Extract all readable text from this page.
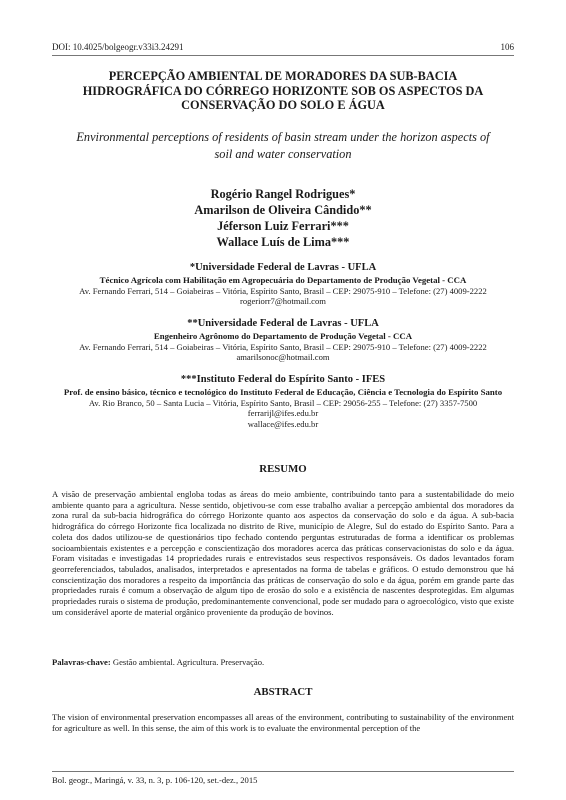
DOI: 10.4025/bolgeogr.v33i3.24291	106
PERCEPÇÃO AMBIENTAL DE MORADORES DA SUB-BACIA
HIDROGRÁFICA DO CÓRREGO HORIZONTE SOB OS ASPECTOS DA
CONSERVAÇÃO DO SOLO E ÁGUA
Environmental perceptions of residents of basin stream under the horizon aspects of
soil and water conservation
Rogério Rangel Rodrigues*
Amarilson de Oliveira Cândido**
Jéferson Luiz Ferrari***
Wallace Luís de Lima***
*Universidade Federal de Lavras - UFLA
Técnico Agrícola com Habilitação em Agropecuária do Departamento de Produção Vegetal - CCA
Av. Fernando Ferrari, 514 – Goiabeiras – Vitória, Espírito Santo, Brasil – CEP: 29075-910 – Telefone: (27) 4009-2222
rogeriorr7@hotmail.com
**Universidade Federal de Lavras - UFLA
Engenheiro Agrônomo do Departamento de Produção Vegetal - CCA
Av. Fernando Ferrari, 514 – Goiabeiras – Vitória, Espírito Santo, Brasil – CEP: 29075-910 – Telefone: (27) 4009-2222
amarilsonoc@hotmail.com
***Instituto Federal do Espírito Santo - IFES
Prof. de ensino básico, técnico e tecnológico do Instituto Federal de Educação, Ciência e Tecnologia do Espírito Santo
Av. Rio Branco, 50 – Santa Lucia – Vitória, Espírito Santo, Brasil – CEP: 29056-255 – Telefone: (27) 3357-7500
ferrarijl@ifes.edu.br
wallace@ifes.edu.br
RESUMO
A visão de preservação ambiental engloba todas as áreas do meio ambiente, contribuindo tanto para a sustentabilidade do meio ambiente quanto para a agricultura. Nesse sentido, objetivou-se com esse trabalho avaliar a percepção ambiental dos moradores da zona rural da sub-bacia hidrográfica do córrego Horizonte quanto aos aspectos da conservação do solo e da água. A sub-bacia hidrográfica do córrego Horizonte fica localizada no distrito de Rive, município de Alegre, Sul do estado do Espírito Santo. Para a coleta dos dados utilizou-se de questionários tipo fechado contendo perguntas estruturadas de forma a identificar os problemas socioambientais existentes e a percepção e conscientização dos moradores acerca das práticas conservacionistas do solo e da água. Foram visitadas e investigadas 14 propriedades rurais e entrevistados seus respectivos responsáveis. Os dados levantados foram georreferenciados, tabulados, analisados, interpretados e apresentados na forma de tabelas e gráficos. O estudo demonstrou que há conscientização dos moradores a respeito da importância das práticas de conservação do solo e da água, porém em grande parte das propriedades rurais é comum a observação de algum tipo de erosão do solo e a existência de nascentes desprotegidas. Em algumas propriedades rurais o sistema de produção, predominantemente convencional, pode ser mudado para o agroecológico, visto que existe um considerável aporte de material orgânico proveniente da produção de bovinos.
Palavras-chave: Gestão ambiental. Agricultura. Preservação.
ABSTRACT
The vision of environmental preservation encompasses all areas of the environment, contributing to sustainability of the environment for agriculture as well. In this sense, the aim of this work is to evaluate the environmental perception of the
Bol. geogr., Maringá, v. 33, n. 3, p. 106-120, set.-dez., 2015
